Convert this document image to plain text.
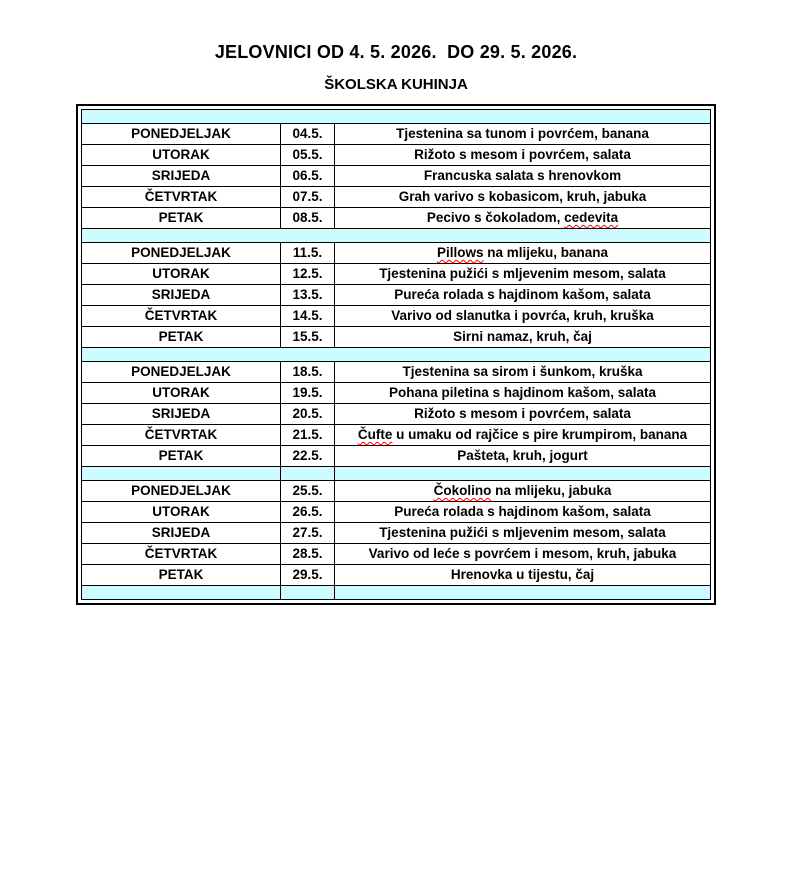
JELOVNICI OD 4. 5. 2026.  DO 29. 5. 2026.
ŠKOLSKA KUHINJA

PONEDJELJAK	04.5.	Tjestenina sa tunom i povrćem, banana
UTORAK	05.5.	Rižoto s mesom i povrćem, salata
SRIJEDA	06.5.	Francuska salata s hrenovkom
ČETVRTAK	07.5.	Grah varivo s kobasicom, kruh, jabuka
PETAK	08.5.	Pecivo s čokoladom, cedevita

PONEDJELJAK	11.5.	Pillows na mlijeku, banana
UTORAK	12.5.	Tjestenina pužići s mljevenim mesom, salata
SRIJEDA	13.5.	Pureća rolada s hajdinom kašom, salata
ČETVRTAK	14.5.	Varivo od slanutka i povrća, kruh, kruška
PETAK	15.5.	Sirni namaz, kruh, čaj

PONEDJELJAK	18.5.	Tjestenina sa sirom i šunkom, kruška
UTORAK	19.5.	Pohana piletina s hajdinom kašom, salata
SRIJEDA	20.5.	Rižoto s mesom i povrćem, salata
ČETVRTAK	21.5.	Čufte u umaku od rajčice s pire krumpirom, banana
PETAK	22.5.	Pašteta, kruh, jogurt

PONEDJELJAK	25.5.	Čokolino na mlijeku, jabuka
UTORAK	26.5.	Pureća rolada s hajdinom kašom, salata
SRIJEDA	27.5.	Tjestenina pužići s mljevenim mesom, salata
ČETVRTAK	28.5.	Varivo od leće s povrćem i mesom, kruh, jabuka
PETAK	29.5.	Hrenovka u tijestu, čaj
